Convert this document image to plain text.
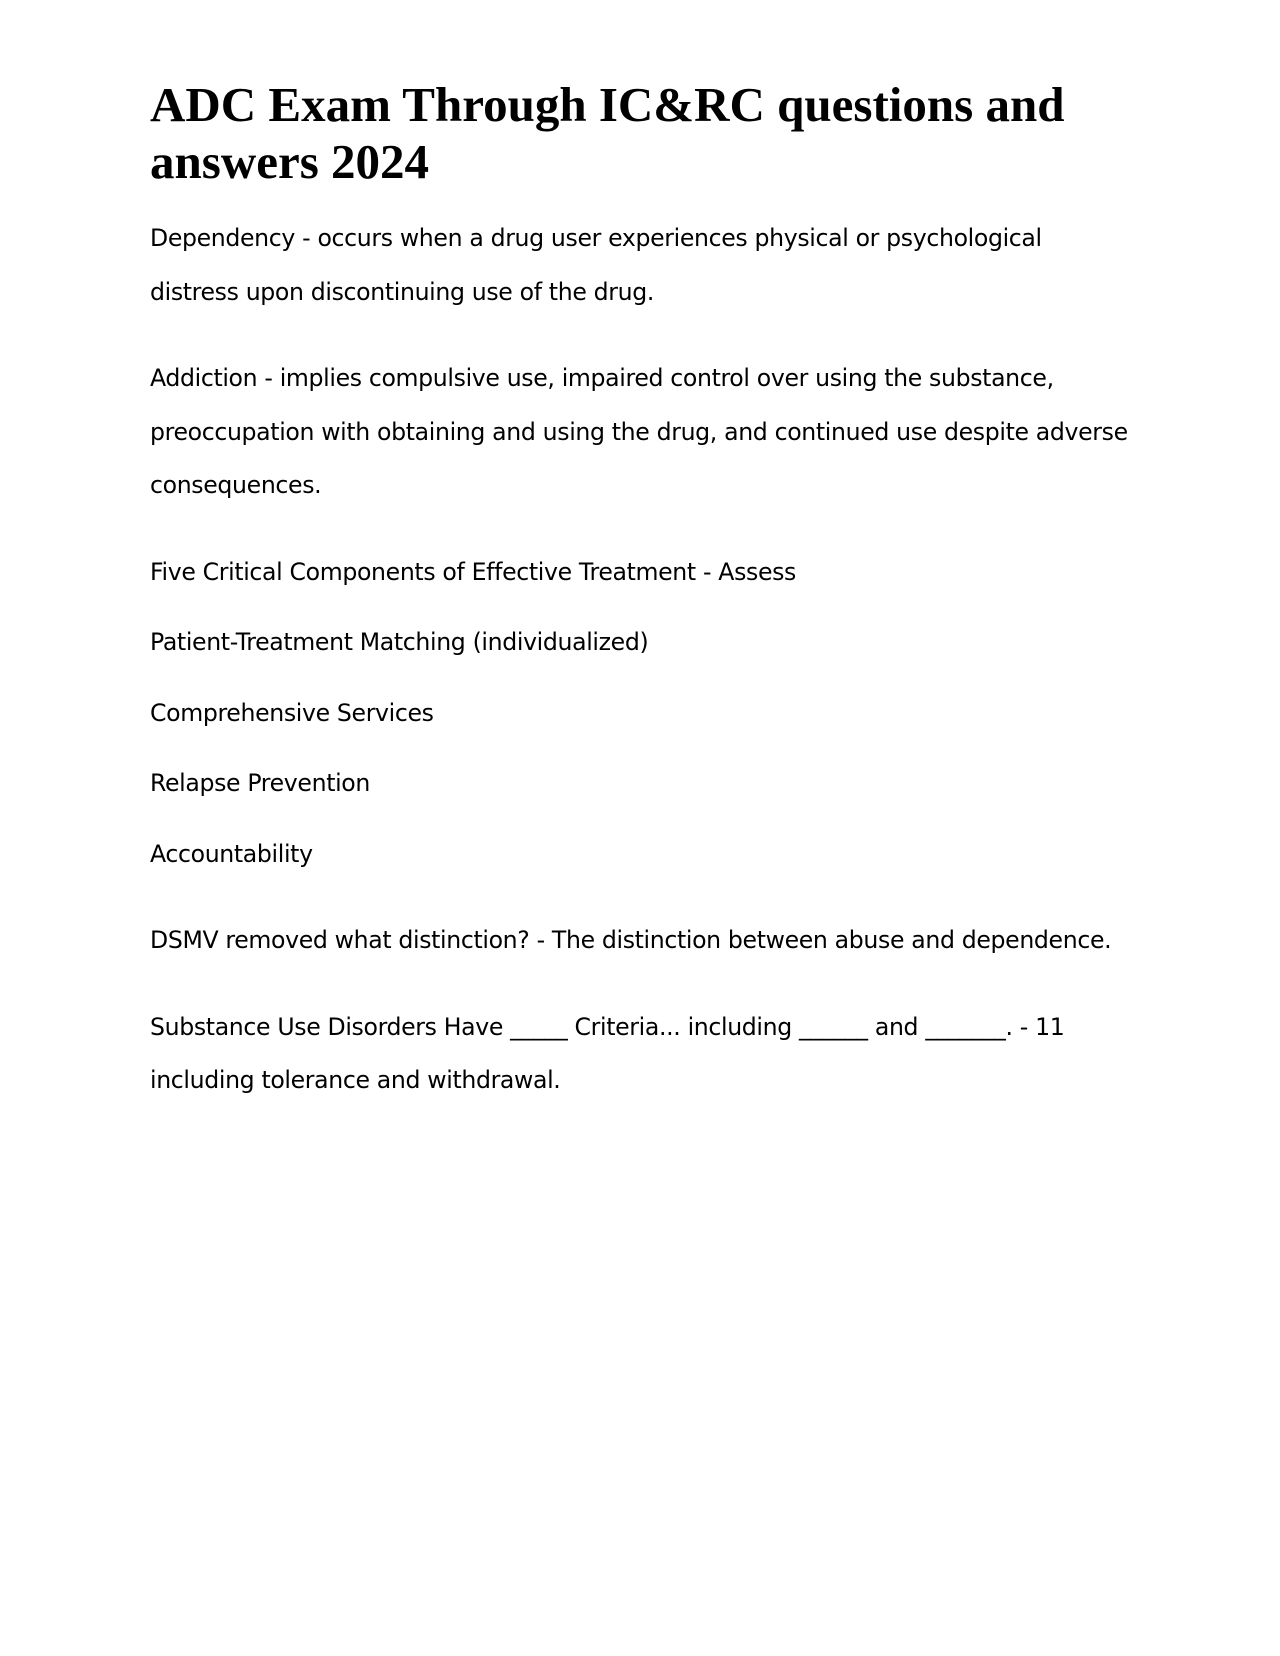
ADC Exam Through IC&RC questions and answers 2024

Dependency - occurs when a drug user experiences physical or psychological distress upon discontinuing use of the drug.

Addiction - implies compulsive use, impaired control over using the substance, preoccupation with obtaining and using the drug, and continued use despite adverse consequences.

Five Critical Components of Effective Treatment - Assess
Patient-Treatment Matching (individualized)
Comprehensive Services
Relapse Prevention
Accountability

DSMV removed what distinction? - The distinction between abuse and dependence.

Substance Use Disorders Have _____ Criteria... including ______ and _______. - 11 including tolerance and withdrawal.
